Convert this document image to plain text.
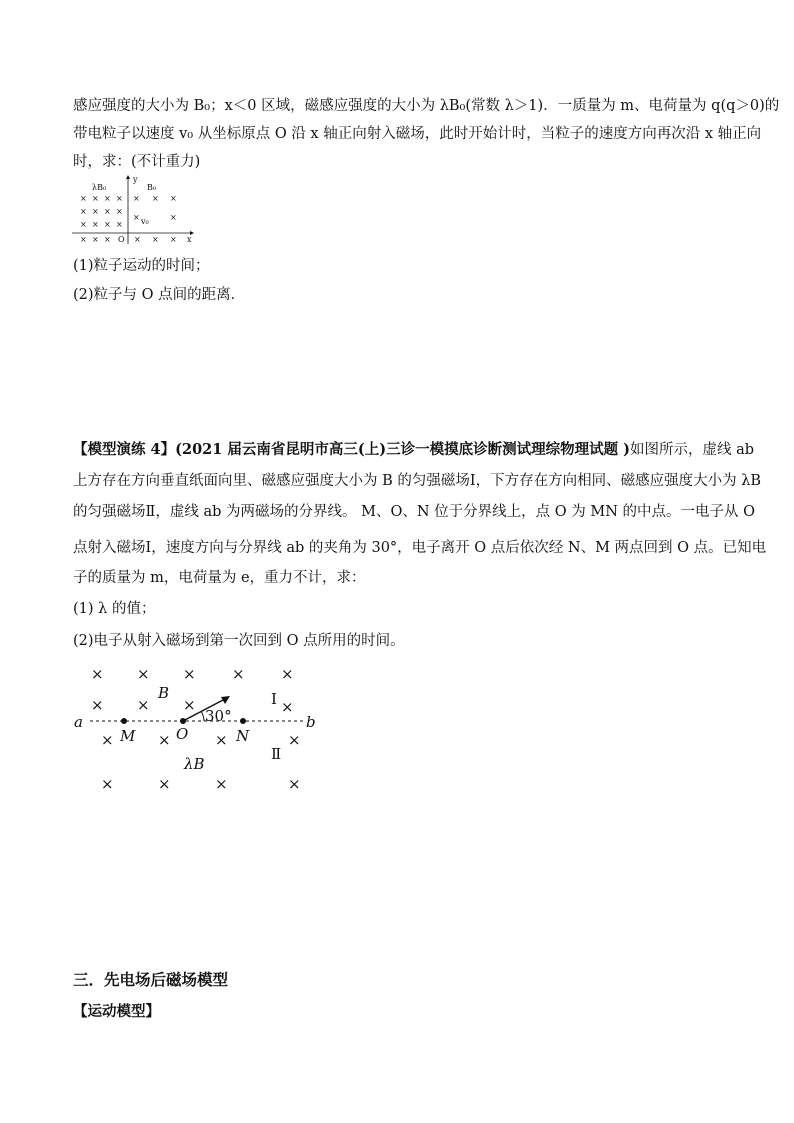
感应强度的大小为 B₀；x＜0 区域，磁感应强度的大小为 λB₀(常数 λ＞1)．一质量为 m、电荷量为 q(q＞0)的
带电粒子以速度 v₀ 从坐标原点 O 沿 x 轴正向射入磁场，此时开始计时，当粒子的速度方向再次沿 x 轴正向
时，求：(不计重力)
y
x
O
λB₀	B₀
v₀
× × × ×
× × × ×
× × × ×
× × ×
× × ×
×	×
× × ×
(1)粒子运动的时间；
(2)粒子与 O 点间的距离．
【模型演练 4】(2021 届云南省昆明市高三(上)三诊一模摸底诊断测试理综物理试题 )如图所示，虚线 ab
上方存在方向垂直纸面向里、磁感应强度大小为 B 的匀强磁场Ⅰ，下方存在方向相同、磁感应强度大小为 λB
的匀强磁场Ⅱ，虚线 ab 为两磁场的分界线。 M、O、N 位于分界线上，点 O 为 MN 的中点。一电子从 O
点射入磁场Ⅰ，速度方向与分界线 ab 的夹角为 30°，电子离开 O 点后依次经 N、M 两点回到 O 点。已知电
子的质量为 m，电荷量为 e，重力不计，求：
(1) λ 的值；
(2)电子从射入磁场到第一次回到 O 点所用的时间。
30°
a	b
M	O	N
B
λB
Ⅰ
Ⅱ
× × × × ×
× × ×	×
×	×	×	×
×	×	×	×
三．先电场后磁场模型
【运动模型】
